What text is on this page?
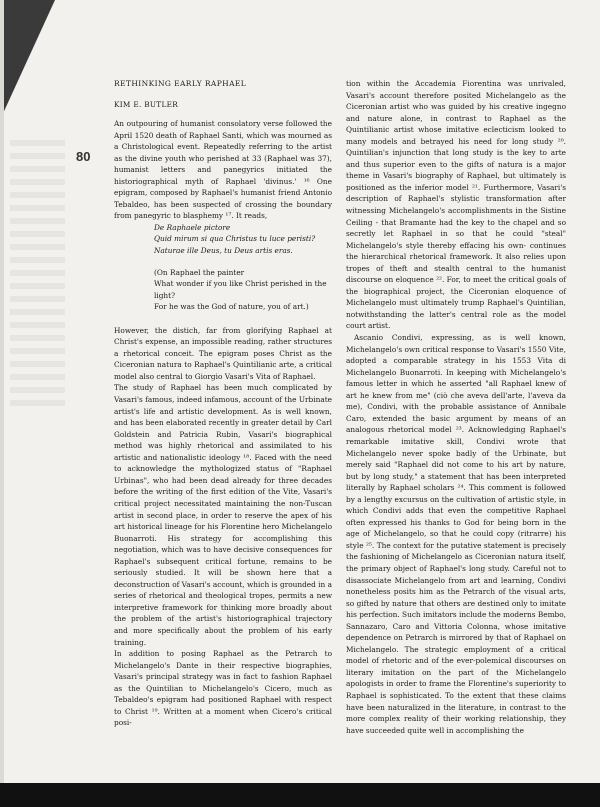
80
RETHINKING EARLY RAPHAEL
KIM E. BUTLER

An outpouring of humanist consolatory verse followed the April 1520 death of Raphael Santi, which was mourned as a Christological event. Repeatedly referring to the artist as the divine youth who perished at 33 (Raphael was 37), humanist letters and panegyrics initiated the historiographical myth of Raphael 'divinus.' ¹⁶ One epigram, composed by Raphael's humanist friend Antonio Tebaldeo, has been suspected of crossing the boundary from panegyric to blasphemy ¹⁷. It reads,

De Raphaele pictore
Quid mirum si qua Christus tu luce peristi?
Naturae ille Deus, tu Deus artis eras.
(On Raphael the painter
What wonder if you like Christ perished in the
light?
For he was the God of nature, you of art.)

However, the distich, far from glorifying Raphael at Christ's expense, an impossible reading, rather structures a rhetorical conceit. The epigram poses Christ as the Ciceronian natura to Raphael's Quintilianic arte, a critical model also central to Giorgio Vasari's Vita of Raphael.

The study of Raphael has been much complicated by Vasari's famous, indeed infamous, account of the Urbinate artist's life and artistic development. As is well known, and has been elaborated recently in greater detail by Carl Goldstein and Patricia Rubin, Vasari's biographical method was highly rhetorical and assimilated to his artistic and nationalistic ideology ¹⁸. Faced with the need to acknowledge the mythologized status of "Raphael Urbinas", who had been dead already for three decades before the writing of the first edition of the Vite, Vasari's critical project necessitated maintaining the non-Tuscan artist in second place, in order to reserve the apex of his art historical lineage for his Florentine hero Michelangelo Buonarroti. His strategy for accomplishing this negotiation, which was to have decisive consequences for Raphael's subsequent critical fortune, remains to be seriously studied. It will be shown here that a deconstruction of Vasari's account, which is grounded in a series of rhetorical and theological tropes, permits a new interpretive framework for thinking more broadly about the problem of the artist's historiographical trajectory and more specifically about the problem of his early training.

In addition to posing Raphael as the Petrarch to Michelangelo's Dante in their respective biographies, Vasari's principal strategy was in fact to fashion Raphael as the Quintilian to Michelangelo's Cicero, much as Tebaldeo's epigram had positioned Raphael with respect to Christ ¹⁹. Written at a moment when Cicero's critical posi-

tion within the Accademia Fiorentina was unrivaled, Vasari's account therefore posited Michelangelo as the Ciceronian artist who was guided by his creative ingegno and nature alone, in contrast to Raphael as the Quintilianic artist whose imitative eclecticism looked to many models and betrayed his need for long study ²⁰. Quintilian's injunction that long study is the key to arte and thus superior even to the gifts of natura is a major theme in Vasari's biography of Raphael, but ultimately is positioned as the inferior model ²¹. Furthermore, Vasari's description of Raphael's stylistic transformation after witnessing Michelangelo's accomplishments in the Sistine Ceiling - that Bramante had the key to the chapel and so secretly let Raphael in so that he could "steal" Michelangelo's style thereby effacing his own- continues the hierarchical rhetorical framework. It also relies upon tropes of theft and stealth central to the humanist discourse on eloquence ²². For, to meet the critical goals of the biographical project, the Ciceronian eloquence of Michelangelo must ultimately trump Raphael's Quintilian, notwithstanding the latter's central role as the model court artist.

Ascanio Condivi, expressing, as is well known, Michelangelo's own critical response to Vasari's 1550 Vite, adopted a comparable strategy in his 1553 Vita di Michelangelo Buonarroti. In keeping with Michelangelo's famous letter in which he asserted "all Raphael knew of art he knew from me" (ciò che aveva dell'arte, l'aveva da me), Condivi, with the probable assistance of Annibale Caro, extended the basic argument by means of an analogous rhetorical model ²³. Acknowledging Raphael's remarkable imitative skill, Condivi wrote that Michelangelo never spoke badly of the Urbinate, but merely said "Raphael did not come to his art by nature, but by long study," a statement that has been interpreted literally by Raphael scholars ²⁴. This comment is followed by a lengthy excursus on the cultivation of artistic style, in which Condivi adds that even the competitive Raphael often expressed his thanks to God for being born in the age of Michelangelo, so that he could copy (ritrarre) his style ²⁵. The context for the putative statement is precisely the fashioning of Michelangelo as Ciceronian natura itself, the primary object of Raphael's long study. Careful not to disassociate Michelangelo from art and learning, Condivi nonetheless posits him as the Petrarch of the visual arts, so gifted by nature that others are destined only to imitate his perfection. Such imitators include the moderns Bembo, Sannazaro, Caro and Vittoria Colonna, whose imitative dependence on Petrarch is mirrored by that of Raphael on Michelangelo. The strategic employment of a critical model of rhetoric and of the ever-polemical discourses on literary imitation on the part of the Michelangelo apologists in order to frame the Florentine's superiority to Raphael is sophisticated. To the extent that these claims have been naturalized in the literature, in contrast to the more complex reality of their working relationship, they have succeeded quite well in accomplishing the
